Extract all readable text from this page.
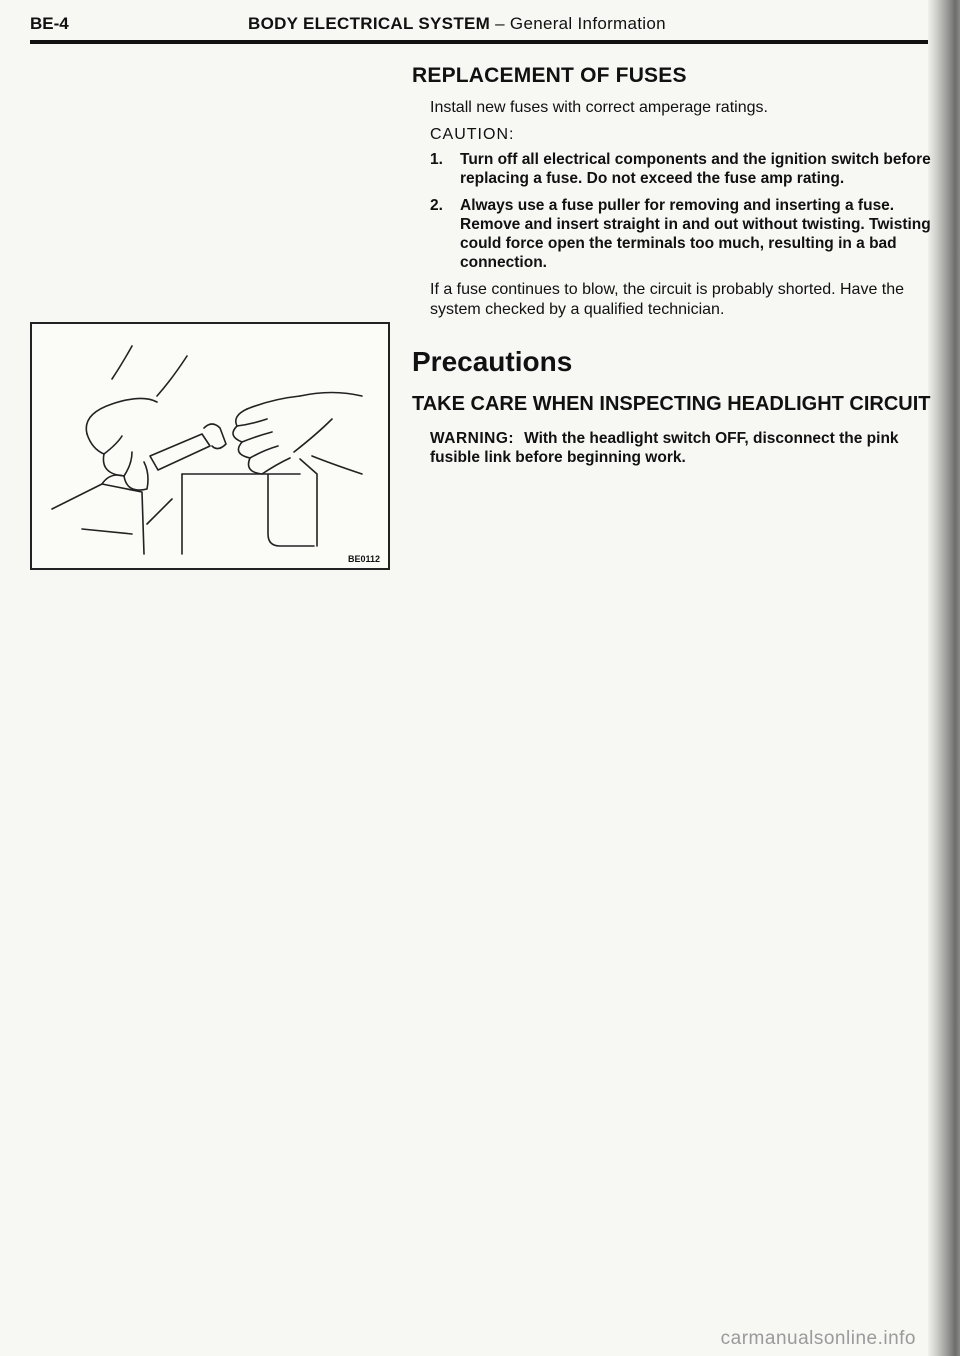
BE-4	BODY ELECTRICAL SYSTEM – General Information
BE0112
REPLACEMENT OF FUSES

Install new fuses with correct amperage ratings.

CAUTION:
1. Turn off all electrical components and the ignition switch before replacing a fuse. Do not exceed the fuse amp rating.
2. Always use a fuse puller for removing and inserting a fuse. Remove and insert straight in and out without twisting. Twisting could force open the terminals too much, resulting in a bad connection.

If a fuse continues to blow, the circuit is probably shorted. Have the system checked by a qualified technician.

Precautions
TAKE CARE WHEN INSPECTING HEADLIGHT CIRCUIT
WARNING: With the headlight switch OFF, disconnect the pink fusible link before beginning work.
carmanualsonline.info
